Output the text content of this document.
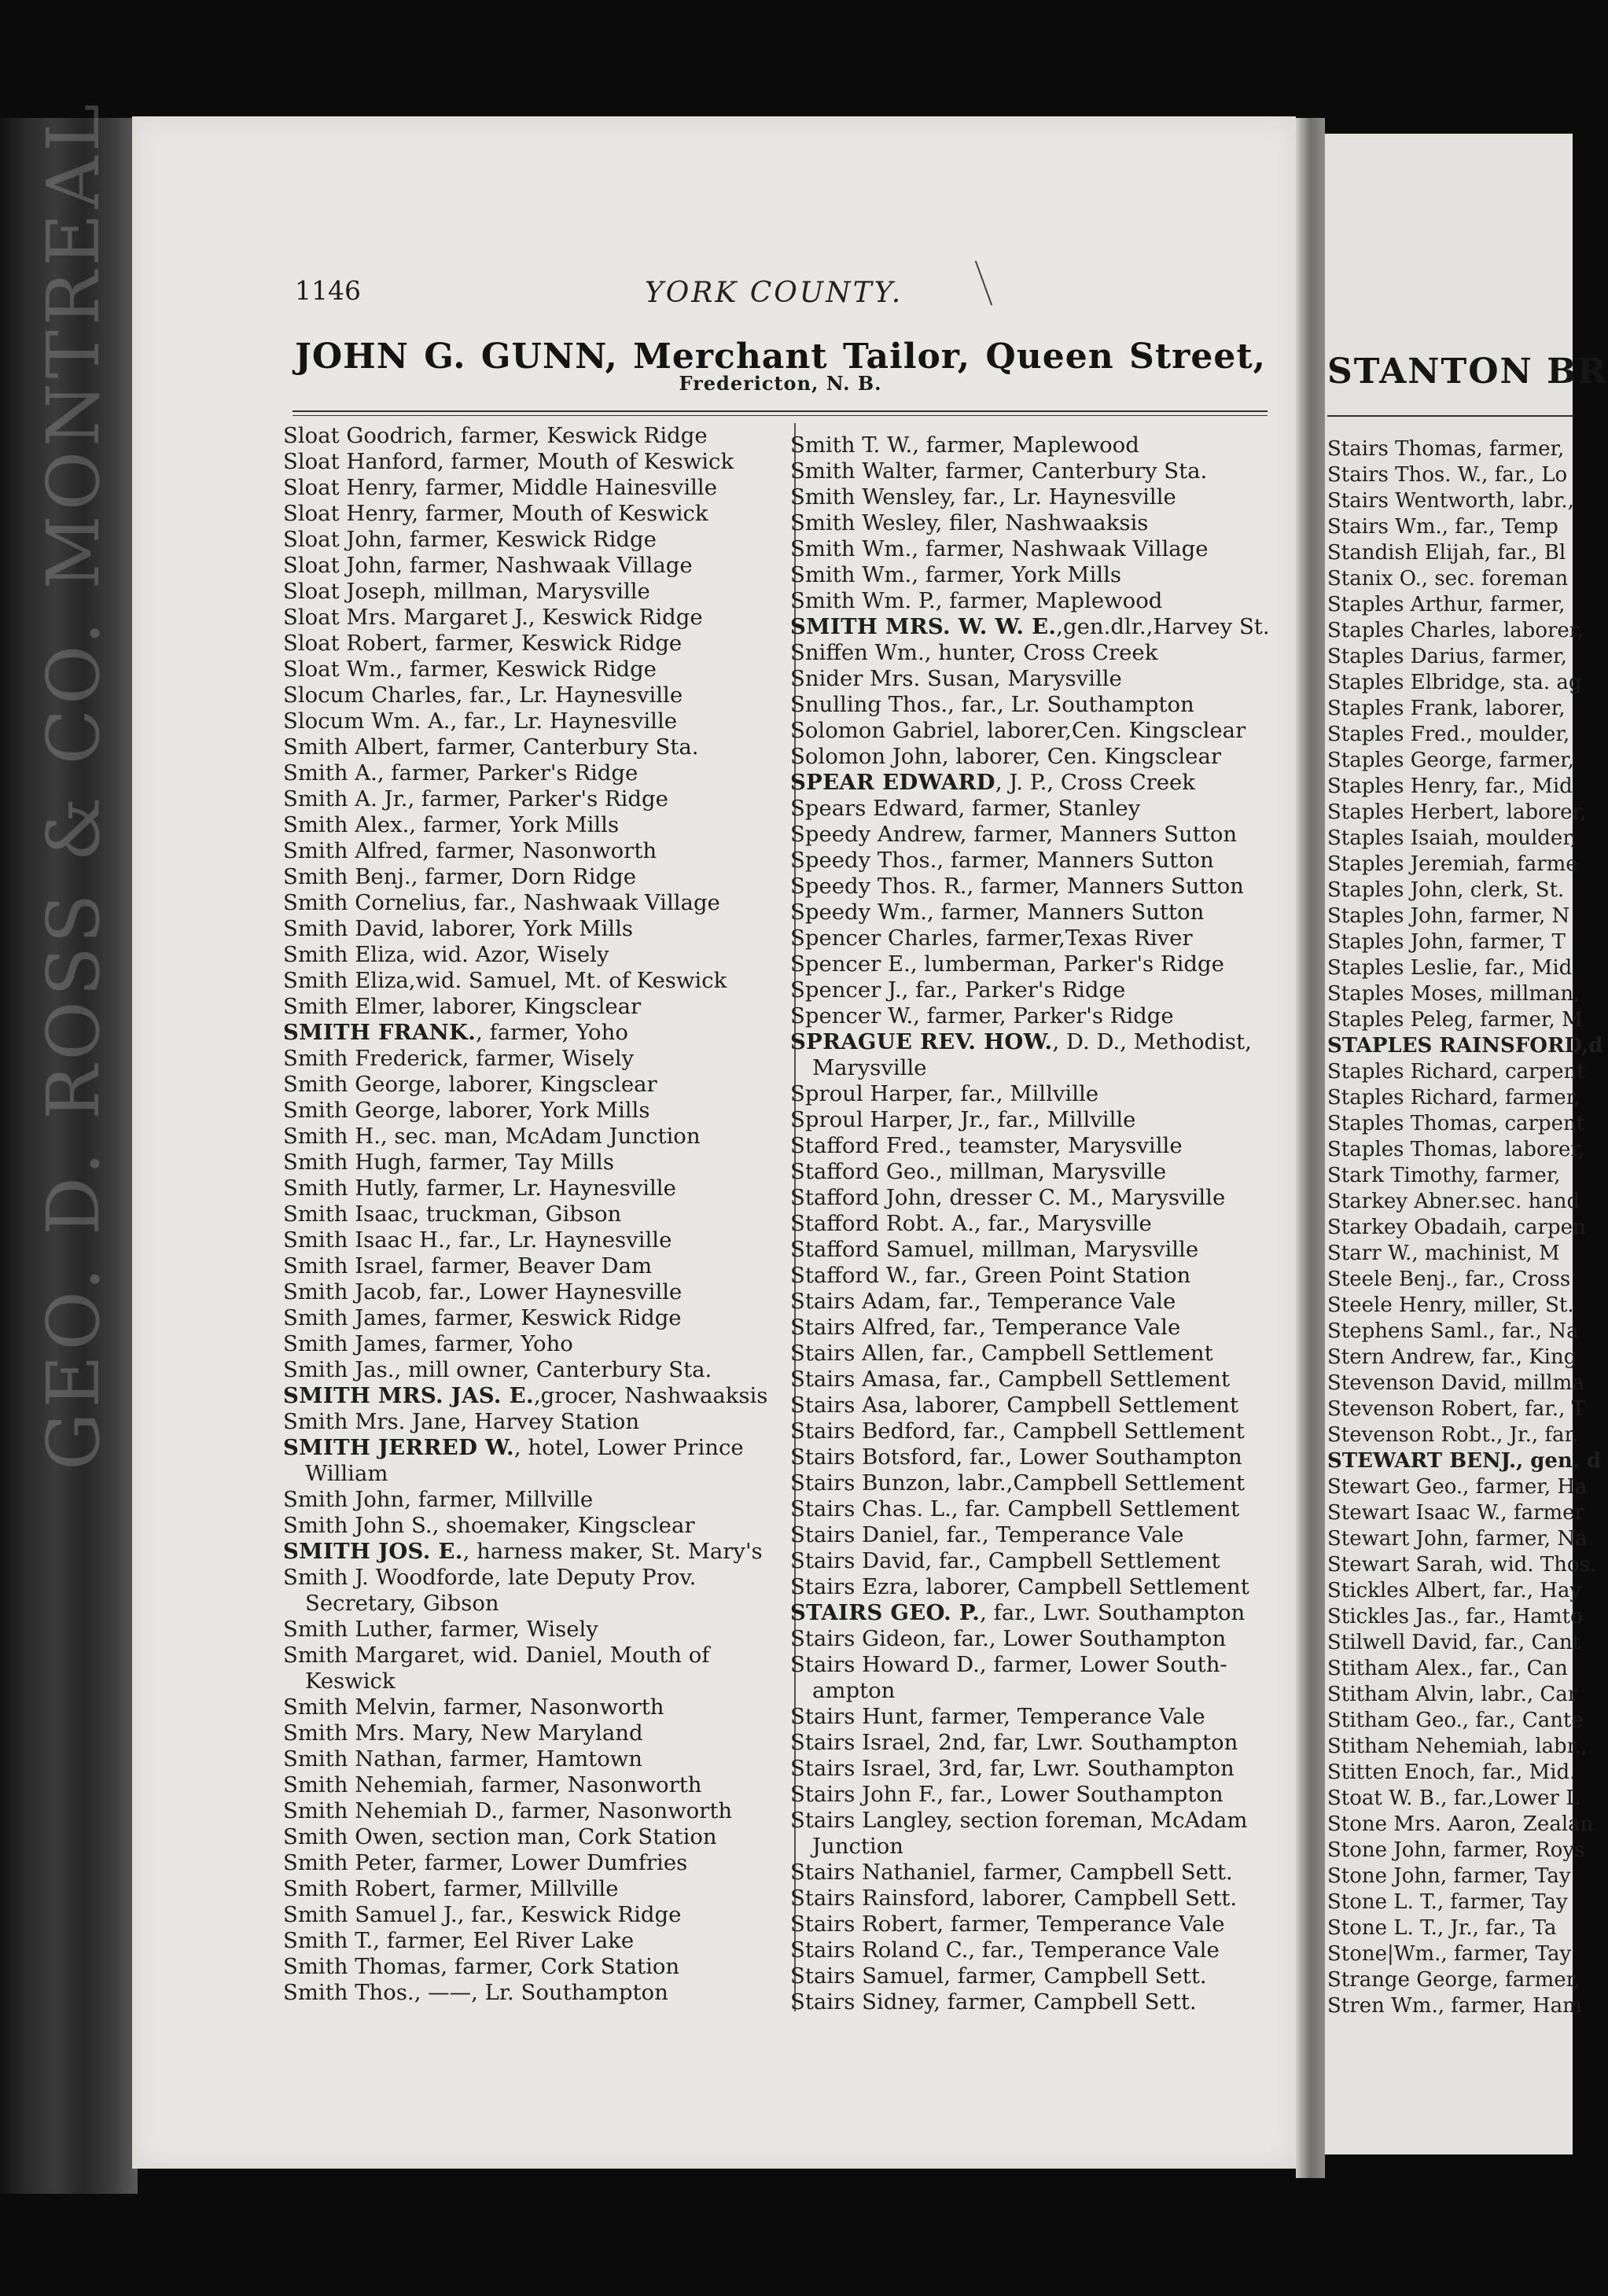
GEO. D. ROSS & CO. MONTREAL	1146	YORK COUNTY.
JOHN G. GUNN, Merchant Tailor, Queen Street,
Fredericton, N. B.	STANTON BR
Sloat Goodrich, farmer, Keswick Ridge
Sloat Hanford, farmer, Mouth of Keswick
Sloat Henry, farmer, Middle Hainesville
Sloat Henry, farmer, Mouth of Keswick
Sloat John, farmer, Keswick Ridge
Sloat John, farmer, Nashwaak Village
Sloat Joseph, millman, Marysville
Sloat Mrs. Margaret J., Keswick Ridge
Sloat Robert, farmer, Keswick Ridge
Sloat Wm., farmer, Keswick Ridge
Slocum Charles, far., Lr. Haynesville
Slocum Wm. A., far., Lr. Haynesville
Smith Albert, farmer, Canterbury Sta.
Smith A., farmer, Parker's Ridge
Smith A. Jr., farmer, Parker's Ridge
Smith Alex., farmer, York Mills
Smith Alfred, farmer, Nasonworth
Smith Benj., farmer, Dorn Ridge
Smith Cornelius, far., Nashwaak Village
Smith David, laborer, York Mills
Smith Eliza, wid. Azor, Wisely
Smith Eliza,wid. Samuel, Mt. of Keswick
Smith Elmer, laborer, Kingsclear
SMITH FRANK., farmer, Yoho
Smith Frederick, farmer, Wisely
Smith George, laborer, Kingsclear
Smith George, laborer, York Mills
Smith H., sec. man, McAdam Junction
Smith Hugh, farmer, Tay Mills
Smith Hutly, farmer, Lr. Haynesville
Smith Isaac, truckman, Gibson
Smith Isaac H., far., Lr. Haynesville
Smith Israel, farmer, Beaver Dam
Smith Jacob, far., Lower Haynesville
Smith James, farmer, Keswick Ridge
Smith James, farmer, Yoho
Smith Jas., mill owner, Canterbury Sta.
SMITH MRS. JAS. E.,grocer, Nashwaaksis
Smith Mrs. Jane, Harvey Station
SMITH JERRED W., hotel, Lower Prince
William
Smith John, farmer, Millville
Smith John S., shoemaker, Kingsclear
SMITH JOS. E., harness maker, St. Mary's
Smith J. Woodforde, late Deputy Prov.
Secretary, Gibson
Smith Luther, farmer, Wisely
Smith Margaret, wid. Daniel, Mouth of
Keswick
Smith Melvin, farmer, Nasonworth
Smith Mrs. Mary, New Maryland
Smith Nathan, farmer, Hamtown
Smith Nehemiah, farmer, Nasonworth
Smith Nehemiah D., farmer, Nasonworth
Smith Owen, section man, Cork Station
Smith Peter, farmer, Lower Dumfries
Smith Robert, farmer, Millville
Smith Samuel J., far., Keswick Ridge
Smith T., farmer, Eel River Lake
Smith Thomas, farmer, Cork Station
Smith Thos., ——, Lr. Southampton
Smith T. W., farmer, Maplewood
Smith Walter, farmer, Canterbury Sta.
Smith Wensley, far., Lr. Haynesville
Smith Wesley, filer, Nashwaaksis
Smith Wm., farmer, Nashwaak Village
Smith Wm., farmer, York Mills
Smith Wm. P., farmer, Maplewood
SMITH MRS. W. W. E.,gen.dlr.,Harvey St.
Sniffen Wm., hunter, Cross Creek
Snider Mrs. Susan, Marysville
Snulling Thos., far., Lr. Southampton
Solomon Gabriel, laborer,Cen. Kingsclear
Solomon John, laborer, Cen. Kingsclear
SPEAR EDWARD, J. P., Cross Creek
Spears Edward, farmer, Stanley
Speedy Andrew, farmer, Manners Sutton
Speedy Thos., farmer, Manners Sutton
Speedy Thos. R., farmer, Manners Sutton
Speedy Wm., farmer, Manners Sutton
Spencer Charles, farmer,Texas River
Spencer E., lumberman, Parker's Ridge
Spencer J., far., Parker's Ridge
Spencer W., farmer, Parker's Ridge
SPRAGUE REV. HOW., D. D., Methodist,
Marysville
Sproul Harper, far., Millville
Sproul Harper, Jr., far., Millville
Stafford Fred., teamster, Marysville
Stafford Geo., millman, Marysville
Stafford John, dresser C. M., Marysville
Stafford Robt. A., far., Marysville
Stafford Samuel, millman, Marysville
Stafford W., far., Green Point Station
Stairs Adam, far., Temperance Vale
Stairs Alfred, far., Temperance Vale
Stairs Allen, far., Campbell Settlement
Stairs Amasa, far., Campbell Settlement
Stairs Asa, laborer, Campbell Settlement
Stairs Bedford, far., Campbell Settlement
Stairs Botsford, far., Lower Southampton
Stairs Bunzon, labr.,Campbell Settlement
Stairs Chas. L., far. Campbell Settlement
Stairs Daniel, far., Temperance Vale
Stairs David, far., Campbell Settlement
Stairs Ezra, laborer, Campbell Settlement
STAIRS GEO. P., far., Lwr. Southampton
Stairs Gideon, far., Lower Southampton
Stairs Howard D., farmer, Lower South-
ampton
Stairs Hunt, farmer, Temperance Vale
Stairs Israel, 2nd, far, Lwr. Southampton
Stairs Israel, 3rd, far, Lwr. Southampton
Stairs John F., far., Lower Southampton
Stairs Langley, section foreman, McAdam
Junction
Stairs Nathaniel, farmer, Campbell Sett.
Stairs Rainsford, laborer, Campbell Sett.
Stairs Robert, farmer, Temperance Vale
Stairs Roland C., far., Temperance Vale
Stairs Samuel, farmer, Campbell Sett.
Stairs Sidney, farmer, Campbell Sett.
Stairs Thomas, farmer,
Stairs Thos. W., far., Lo
Stairs Wentworth, labr.,
Stairs Wm., far., Temp
Standish Elijah, far., Bl
Stanix O., sec. foreman
Staples Arthur, farmer,
Staples Charles, laborer,
Staples Darius, farmer,
Staples Elbridge, sta. ag
Staples Frank, laborer,
Staples Fred., moulder,
Staples George, farmer,
Staples Henry, far., Mid
Staples Herbert, laborer,
Staples Isaiah, moulder,
Staples Jeremiah, farme
Staples John, clerk, St.
Staples John, farmer, N
Staples John, farmer, T
Staples Leslie, far., Mid
Staples Moses, millman,
Staples Peleg, farmer, M
STAPLES RAINSFORD,d
Staples Richard, carpent
Staples Richard, farmer,
Staples Thomas, carpent
Staples Thomas, laborer,
Stark Timothy, farmer,
Starkey Abner.sec. hand
Starkey Obadaih, carpen
Starr W., machinist, M
Steele Benj., far., Cross
Steele Henry, miller, St.
Stephens Saml., far., Na
Stern Andrew, far., King
Stevenson David, millma
Stevenson Robert, far., T
Stevenson Robt., Jr., far.
STEWART BENJ., gen. d
Stewart Geo., farmer, Ha
Stewart Isaac W., farmer
Stewart John, farmer, Na
Stewart Sarah, wid. Thos.
Stickles Albert, far., Hay
Stickles Jas., far., Hamto
Stilwell David, far., Cant
Stitham Alex., far., Can
Stitham Alvin, labr., Car
Stitham Geo., far., Cante
Stitham Nehemiah, labr.,
Stitten Enoch, far., Mid.
Stoat W. B., far.,Lower L
Stone Mrs. Aaron, Zealan
Stone John, farmer, Roys
Stone John, farmer, Tay
Stone L. T., farmer, Tay
Stone L. T., Jr., far., Ta
Stone|Wm., farmer, Tay
Strange George, farmer,
Stren Wm., farmer, Ham
